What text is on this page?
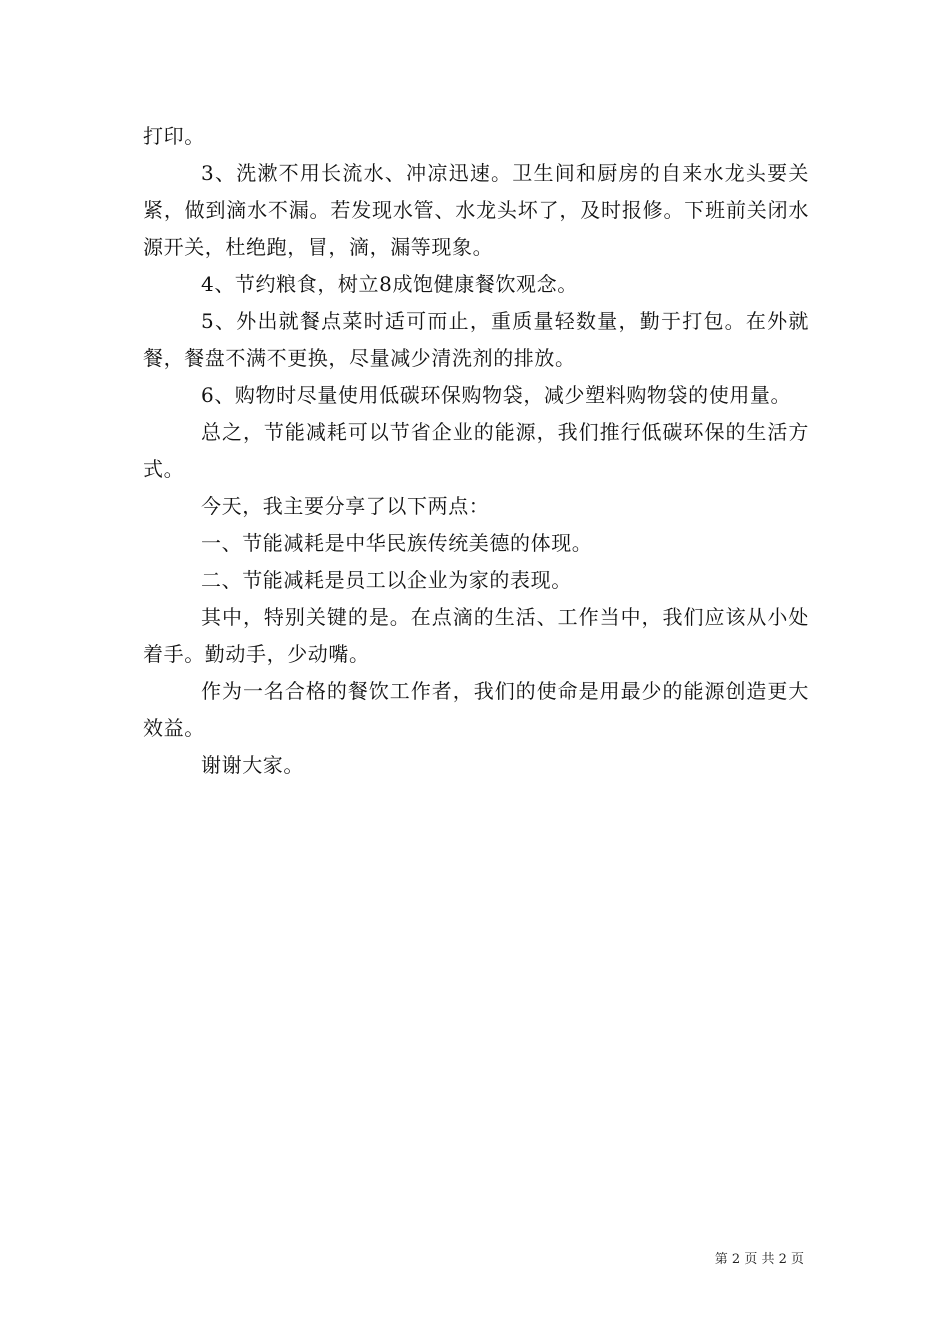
打印。

3、洗漱不用长流水、冲凉迅速。卫生间和厨房的自来水龙头要关紧，做到滴水不漏。若发现水管、水龙头坏了，及时报修。下班前关闭水源开关，杜绝跑，冒，滴，漏等现象。

4、节约粮食，树立8成饱健康餐饮观念。

5、外出就餐点菜时适可而止，重质量轻数量，勤于打包。在外就餐，餐盘不满不更换，尽量减少清洗剂的排放。

6、购物时尽量使用低碳环保购物袋，减少塑料购物袋的使用量。

总之，节能减耗可以节省企业的能源，我们推行低碳环保的生活方式。

今天，我主要分享了以下两点：

一、节能减耗是中华民族传统美德的体现。

二、节能减耗是员工以企业为家的表现。

其中，特别关键的是。在点滴的生活、工作当中，我们应该从小处着手。勤动手，少动嘴。

作为一名合格的餐饮工作者，我们的使命是用最少的能源创造更大效益。

谢谢大家。

第 2 页 共 2 页
